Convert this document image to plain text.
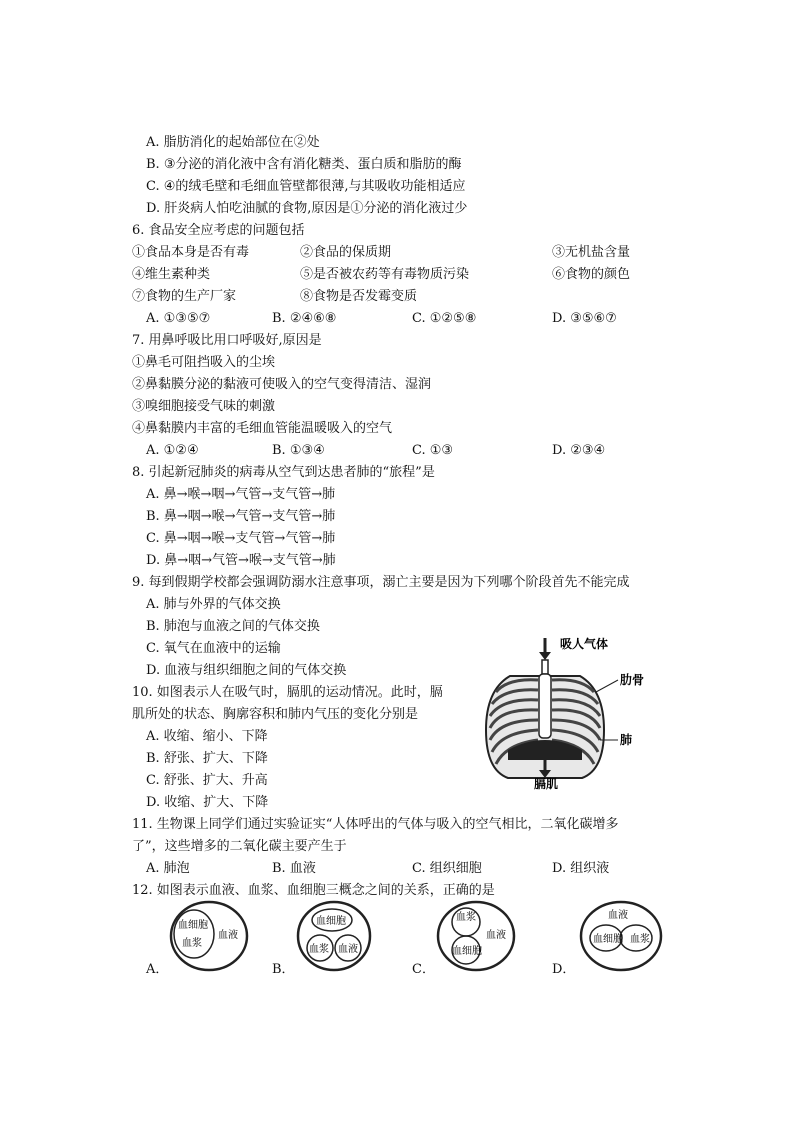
A. 脂肪消化的起始部位在②处
B. ③分泌的消化液中含有消化糖类、蛋白质和脂肪的酶
C. ④的绒毛壁和毛细血管壁都很薄,与其吸收功能相适应
D. 肝炎病人怕吃油腻的食物,原因是①分泌的消化液过少
6. 食品安全应考虑的问题包括
①食品本身是否有毒	②食品的保质期	③无机盐含量
④维生素种类	⑤是否被农药等有毒物质污染	⑥食物的颜色
⑦食物的生产厂家	⑧食物是否发霉变质
A. ①③⑤⑦	B. ②④⑥⑧	C. ①②⑤⑧	D. ③⑤⑥⑦
7. 用鼻呼吸比用口呼吸好,原因是
①鼻毛可阻挡吸入的尘埃
②鼻黏膜分泌的黏液可使吸入的空气变得清洁、湿润
③嗅细胞接受气味的刺激
④鼻黏膜内丰富的毛细血管能温暖吸入的空气
A. ①②④	B. ①③④	C. ①③	D. ②③④
8. 引起新冠肺炎的病毒从空气到达患者肺的“旅程”是
A. 鼻→喉→咽→气管→支气管→肺
B. 鼻→咽→喉→气管→支气管→肺
C. 鼻→咽→喉→支气管→气管→肺
D. 鼻→咽→气管→喉→支气管→肺
9. 每到假期学校都会强调防溺水注意事项，溺亡主要是因为下列哪个阶段首先不能完成
A. 肺与外界的气体交换
B. 肺泡与血液之间的气体交换
C. 氧气在血液中的运输
D. 血液与组织细胞之间的气体交换
10. 如图表示人在吸气时，膈肌的运动情况。此时，膈
肌所处的状态、胸廓容积和肺内气压的变化分别是
A. 收缩、缩小、下降
B. 舒张、扩大、下降
C. 舒张、扩大、升高
D. 收缩、扩大、下降
吸人气体
肋骨
肺
膈肌
11. 生物课上同学们通过实验证实“人体呼出的气体与吸入的空气相比，二氧化碳增多
了”，这些增多的二氧化碳主要产生于
A. 肺泡	B. 血液	C. 组织细胞	D. 组织液
12. 如图表示血液、血浆、血细胞三概念之间的关系，正确的是
A．
血细胞
血浆
血液
B．
血细胞
血浆 血液
C．
血浆
血液
血细胞
D．
血液
血细胞 血浆
